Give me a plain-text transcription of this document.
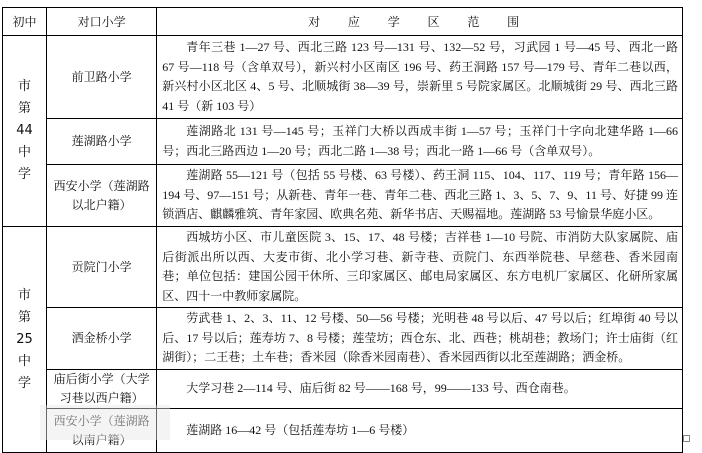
初中	对口小学	对 应 学 区 范 围

市
第
44
中
学	前卫路小学	青年三巷 1—27 号、西北三路 123 号—131 号、132—52 号，习武园 1 号—45 号、西北一路 67 号—118 号（含单双号），新兴村小区南区 196 号、药王洞路 157 号—179 号、青年二巷以西，新兴村小区北区 4、5 号、北顺城街 38—39 号，崇新里 5 号院家属区。北顺城街 29 号、西北三路 41 号（新 103 号）

	莲湖路小学	莲湖路北 131 号—145 号；玉祥门大桥以西成丰街 1—57 号；玉祥门十字向北建华路 1—66 号；西北三路西边 1—20 号；西北二路 1—38 号；西北一路 1—66 号（含单双号）。

	西安小学（莲湖路
以北户籍）	莲湖路 55—121 号（包括 55 号楼、63 号楼）、药王洞 115、104、117、119 号；青年路 156—194 号、97—151 号；从新巷、青年一巷、青年二巷、西北三路 1、3、5、7、9、11 号、好捷 99 连锁酒店、麒麟雅筑、青年家园、欧典名苑、新华书店、天赐福地。莲湖路 53 号愉景华庭小区。

市
第
25
中
学	贡院门小学	西城坊小区、市儿童医院 3、15、17、48 号楼；吉祥巷 1—10 号院、市消防大队家属院、庙后街派出所以西、大麦市街、北小学习巷、新寺巷、贡院门、东西举院巷、早慈巷、香米园南巷；单位包括：建国公园干休所、三印家属区、邮电局家属区、东方电机厂家属区、化研所家属区、四十一中教师家属院。

	洒金桥小学	劳武巷 1、2、3、11、12 号楼、50—56 号楼；光明巷 48 号以后、47 号以后；红埠街 40 号以后、17 号以后；莲寿坊 7、8 号楼；莲莹坊；西仓东、北、西巷；桃胡巷；教场门；许士庙街（红湖街）；二王巷；土车巷；香米园（除香米园南巷）、香米园西街以北至莲湖路；洒金桥。

	庙后街小学（大学
习巷以西户籍）	大学习巷 2—114 号、庙后街 82 号——168 号，99——133 号、西仓南巷。

	西安小学（莲湖路
以南户籍）	莲湖路 16—42 号（包括莲寿坊 1—6 号楼）
